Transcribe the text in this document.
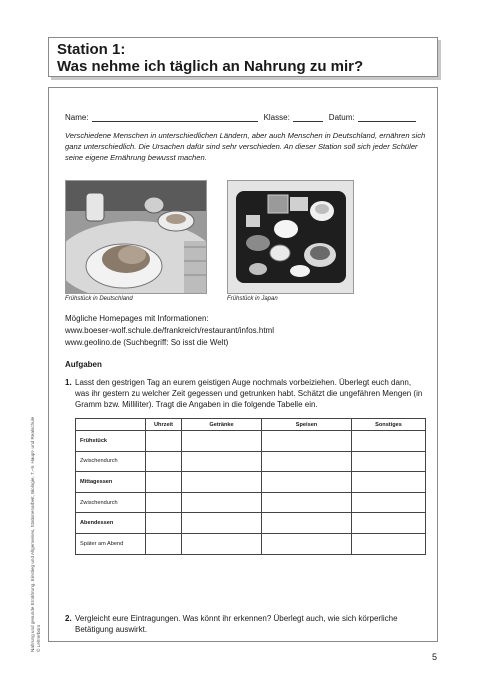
Station 1:
Was nehme ich täglich an Nahrung zu mir?
Name:	Klasse:	Datum:
Verschiedene Menschen in unterschiedlichen Ländern, aber auch Menschen in Deutschland, ernähren sich ganz unterschiedlich. Die Ursachen dafür sind sehr verschieden. An dieser Station soll sich jeder Schüler seine eigene Ernährung bewusst machen.
Frühstück in Deutschland	Frühstück in Japan
Mögliche Homepages mit Informationen:
www.boeser-wolf.schule.de/frankreich/restaurant/infos.html
www.geolino.de (Suchbegriff: So isst die Welt)
Aufgaben
1. Lasst den gestrigen Tag an eurem geistigen Auge nochmals vorbeiziehen. Überlegt euch dann, was ihr gestern zu welcher Zeit gegessen und getrunken habt. Schätzt die ungefähren Mengen (in Gramm bzw. Milliliter). Tragt die Angaben in die folgende Tabelle ein.
	Uhrzeit	Getränke	Speisen	Sonstiges
Frühstück				
Zwischendurch				
Mittagessen				
Zwischendurch				
Abendessen				
Später am Abend				
2. Vergleicht eure Eintragungen. Was könnt ihr erkennen? Überlegt auch, wie sich körperliche Betätigung auswirkt.
Nahrung und gesunde Ernährung. Einstieg und Allgemeines, Stationenarbeit, Biologie, 7.–9. Haupt- und Realschule © Lehrerbüro
5
